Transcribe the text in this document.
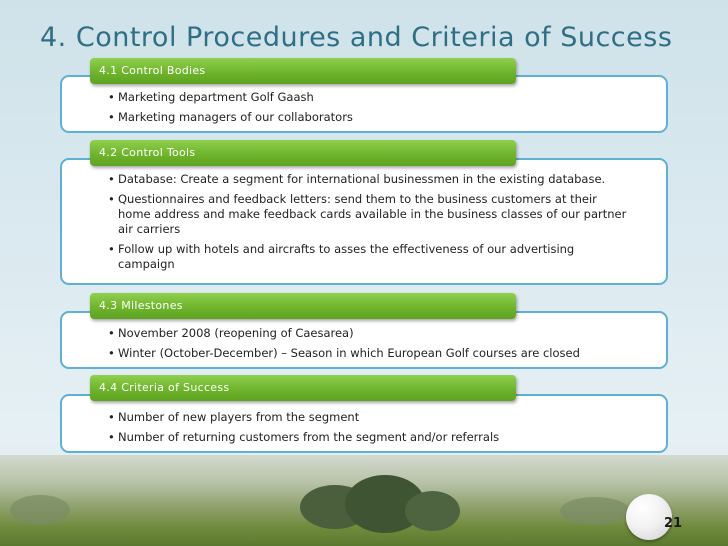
4. Control Procedures and Criteria of Success
4.1 Control Bodies
• Marketing department Golf Gaash
• Marketing managers of our collaborators
4.2 Control Tools
• Database: Create a segment for international businessmen in the existing database.
• Questionnaires and feedback letters: send them to the business customers at their home address and make feedback cards available in the business classes of our partner air carriers
• Follow up with hotels and aircrafts to asses the effectiveness of our advertising campaign
4.3 Milestones
• November 2008 (reopening of Caesarea)
• Winter (October-December) – Season in which European Golf courses are closed
4.4 Criteria of Success
• Number of new players from the segment
• Number of returning customers from the segment and/or referrals
21
